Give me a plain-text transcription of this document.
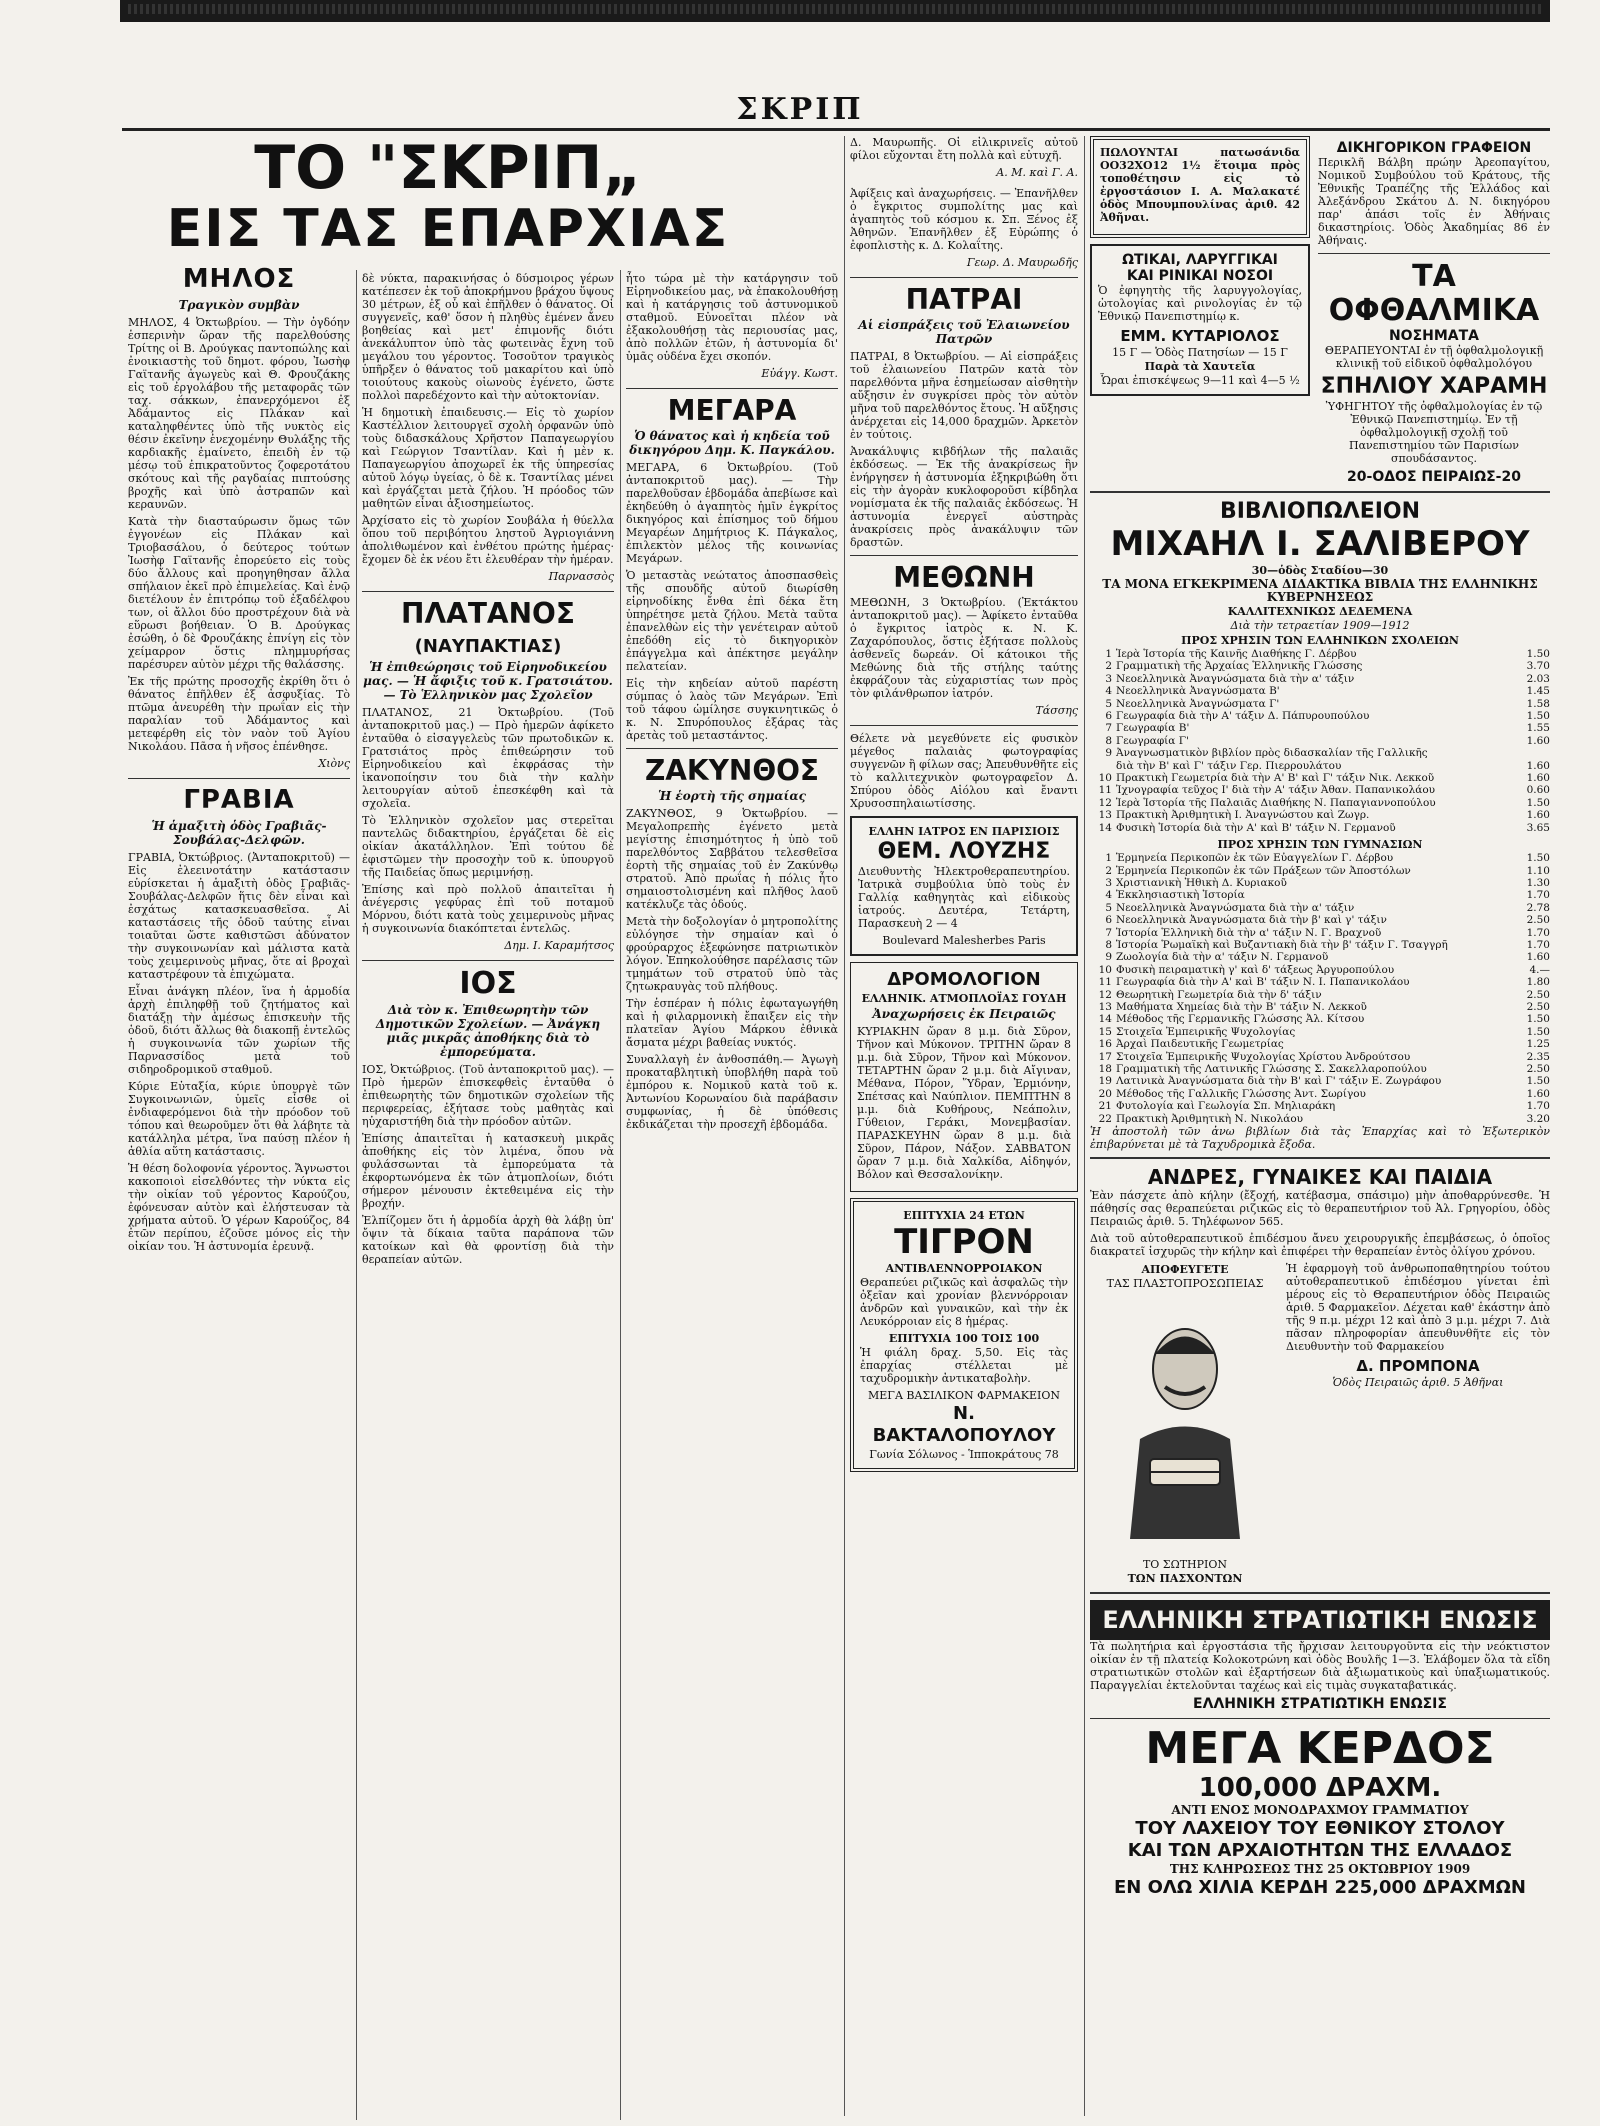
ΣΚΡΙΠ
ΤΟ "ΣΚΡΙΠ„
ΕΙΣ ΤΑΣ ΕΠΑΡΧΙΑΣ
ΜΗΛΟΣ
Τραγικὸν συμβὰν

ΜΗΛΟΣ, 4 Ὀκτωβρίου. — Τὴν ὀγδόην ἑσπερινὴν ὥραν τῆς παρελθούσης Τρίτης οἱ Β. Δρούγκας παντοπώλης καὶ ἐνοικιαστὴς τοῦ δημοτ. φόρου, Ἰωσὴφ Γαϊτανῆς ἀγωγεὺς καὶ Θ. Φρουζάκης εἰς τοῦ ἐργολάβου τῆς μεταφορᾶς τῶν ταχ. σάκκων, ἐπανερχόμενοι ἐξ Ἀδάμαντος εἰς Πλάκαν καὶ καταληφθέντες ὑπὸ τῆς νυκτὸς εἰς θέσιν ἐκεῖνην ἐνεχομένην Θυλάξης τῆς καρδιακῆς ἐμαίνετο, ἐπειδὴ ἐν τῷ μέσῳ τοῦ ἐπικρατοῦντος ζοφεροτάτου σκότους καὶ τῆς ραγδαίας πιπτούσης βροχῆς καὶ ὑπὸ ἀστραπῶν καὶ κεραυνῶν.

Κατὰ τὴν διασταύρωσιν ὅμως τῶν ἐγγονέων εἰς Πλάκαν καὶ Τριοβασάλου, ὁ δεύτερος τούτων Ἰωσὴφ Γαϊτανῆς ἐπορεύετο εἰς τοὺς δύο ἄλλους καὶ προηγηθησαν ἄλλα σπήλαιον ἐκεῖ πρὸ ἐπιμελείας. Καὶ ἐνῷ διετέλουν ἐν ἐπιτρόπῳ τοῦ ἐξαδέλφου των, οἱ ἄλλοι δύο προστρέχουν διὰ νὰ εὕρωσι βοήθειαν. Ὁ Β. Δρούγκας ἐσώθη, ὁ δὲ Φρουζάκης ἐπνίγη εἰς τὸν χείμαρρον ὅστις πλημμυρήσας παρέσυρεν αὐτὸν μέχρι τῆς θαλάσσης.

Ἐκ τῆς πρώτης προσοχῆς ἐκρίθη ὅτι ὁ θάνατος ἐπῆλθεν ἐξ ἀσφυξίας. Τὸ πτῶμα ἀνευρέθη τὴν πρωΐαν εἰς τὴν παραλίαν τοῦ Ἀδάμαντος καὶ μετεφέρθη εἰς τὸν ναὸν τοῦ Ἁγίου Νικολάου. Πᾶσα ἡ νῆσος ἐπένθησε.

Χιὸνς

ΓΡΑΒΙΑ
Ἡ ἁμαξιτὴ ὁδὸς Γραβιᾶς-Σουβάλας-Δελφῶν.

ΓΡΑΒΙΑ, Ὀκτώβριος. (Ἀνταποκριτοῦ) —Εἰς ἐλεεινοτάτην κατάστασιν εὑρίσκεται ἡ ἁμαξιτὴ ὁδὸς Γραβιᾶς-Σουβάλας-Δελφῶν ἥτις δὲν εἶναι καὶ ἐσχάτως κατασκευασθεῖσα. Αἱ καταστάσεις τῆς ὁδοῦ ταύτης εἶναι τοιαῦται ὥστε καθιστῶσι ἀδύνατον τὴν συγκοινωνίαν καὶ μάλιστα κατὰ τοὺς χειμερινοὺς μῆνας, ὅτε αἱ βροχαὶ καταστρέφουν τὰ ἐπιχώματα.

Εἶναι ἀνάγκη πλέον, ἵνα ἡ ἀρμοδία ἀρχὴ ἐπιληφθῇ τοῦ ζητήματος καὶ διατάξῃ τὴν ἀμέσως ἐπισκευὴν τῆς ὁδοῦ, διότι ἄλλως θὰ διακοπῇ ἐντελῶς ἡ συγκοινωνία τῶν χωρίων τῆς Παρνασσίδος μετὰ τοῦ σιδηροδρομικοῦ σταθμοῦ.

Κύριε Εὐταξία, κύριε ὑπουργὲ τῶν Συγκοινωνιῶν, ὑμεῖς εἶσθε οἱ ἐνδιαφερόμενοι διὰ τὴν πρόοδον τοῦ τόπου καὶ θεωροῦμεν ὅτι θὰ λάβητε τὰ κατάλληλα μέτρα, ἵνα παύσῃ πλέον ἡ ἀθλία αὕτη κατάστασις.

Ἡ θέση δολοφονία γέροντος. Ἄγνωστοι κακοποιοὶ εἰσελθόντες τὴν νύκτα εἰς τὴν οἰκίαν τοῦ γέροντος Καρούζου, ἐφόνευσαν αὐτὸν καὶ ἐλήστευσαν τὰ χρήματα αὐτοῦ. Ὁ γέρων Καρούζος, 84 ἐτῶν περίπου, ἐζοῦσε μόνος εἰς τὴν οἰκίαν του. Ἡ ἀστυνομία ἐρευνᾷ.

δὲ νύκτα, παρακινήσας ὁ δύσμοιρος γέρων κατέπεσεν ἐκ τοῦ ἀποκρήμνου βράχου ὕψους 30 μέτρων, ἐξ οὗ καὶ ἐπῆλθεν ὁ θάνατος. Οἱ συγγενεῖς, καθ' ὅσον ἡ πληθὺς ἐμένεν ἄνευ βοηθείας καὶ μετ' ἐπιμονῆς διότι ἀνεκάλυπτον ὑπὸ τὰς φωτεινὰς ἔχνη τοῦ μεγάλου του γέροντος. Τοσοῦτον τραγικὸς ὑπῆρξεν ὁ θάνατος τοῦ μακαρίτου καὶ ὑπὸ τοιούτους κακοὺς οἰωνοὺς ἐγένετο, ὥστε πολλοὶ παρεδέχοντο καὶ τὴν αὐτοκτονίαν.

Ἡ δημοτικὴ ἐπαιδευσις.— Εἰς τὸ χωρίον Καστέλλιον λειτουργεῖ σχολὴ ὁρφανῶν ὑπὸ τοὺς διδασκάλους Χρῆστον Παπαγεωργίου καὶ Γεώργιον Τσαντίλαν. Καὶ ἡ μὲν κ. Παπαγεωργίου ἀποχωρεῖ ἐκ τῆς ὑπηρεσίας αὐτοῦ λόγῳ ὑγείας, ὁ δὲ κ. Τσαντίλας μένει καὶ ἐργάζεται μετὰ ζήλου. Ἡ πρόοδος τῶν μαθητῶν εἶναι ἀξιοσημείωτος.

Ἀρχίσατο εἰς τὸ χωρίον Σουβάλα ἡ θύελλα ὅπου τοῦ περιβόητου ληστοῦ Ἀγριογιάννη ἀπολιθωμένον καὶ ἐνθέτου πρώτης ἡμέρας· ἔχομεν δὲ ἐκ νέου ἔτι ἐλευθέραν τὴν ἡμέραν.

Παρνασσὸς

ΠΛΑΤΑΝΟΣ
(ΝΑΥΠΑΚΤΙΑΣ)
Ἡ ἐπιθεώρησις τοῦ Εἰρηνοδικείου μας. — Ἡ ἄφιξις τοῦ κ. Γρατσιάτου. — Τὸ Ἑλληνικὸν μας Σχολεῖον

ΠΛΑΤΑΝΟΣ, 21 Ὀκτωβρίου. (Τοῦ ἀνταποκριτοῦ μας.) — Πρὸ ἡμερῶν ἀφίκετο ἐνταῦθα ὁ εἰσαγγελεὺς τῶν πρωτοδικῶν κ. Γρατσιάτος πρὸς ἐπιθεώρησιν τοῦ Εἰρηνοδικείου καὶ ἐκφράσας τὴν ἱκανοποίησιν του διὰ τὴν καλὴν λειτουργίαν αὐτοῦ ἐπεσκέφθη καὶ τὰ σχολεῖα.

Τὸ Ἑλληνικὸν σχολεῖον μας στερεῖται παντελῶς διδακτηρίου, ἐργάζεται δὲ εἰς οἰκίαν ἀκατάλληλον. Ἐπὶ τούτου δὲ ἐφιστῶμεν τὴν προσοχὴν τοῦ κ. ὑπουργοῦ τῆς Παιδείας ὅπως μεριμνήσῃ.

Ἐπίσης καὶ πρὸ πολλοῦ ἀπαιτεῖται ἡ ἀνέγερσις γεφύρας ἐπὶ τοῦ ποταμοῦ Μόρνου, διότι κατὰ τοὺς χειμερινοὺς μῆνας ἡ συγκοινωνία διακόπτεται ἐντελῶς.

Δημ. Ι. Καραμήτσος

ΙΟΣ
Διὰ τὸν κ. Ἐπιθεωρητὴν τῶν Δημοτικῶν Σχολείων. — Ἀνάγκη μιᾶς μικρᾶς ἀποθήκης διὰ τὸ ἐμπορεύματα.

ΙΟΣ, Ὀκτώβριος. (Τοῦ ἀνταποκριτοῦ μας). — Πρὸ ἡμερῶν ἐπισκεφθεὶς ἐνταῦθα ὁ ἐπιθεωρητὴς τῶν δημοτικῶν σχολείων τῆς περιφερείας, ἐξήτασε τοὺς μαθητὰς καὶ ηὐχαριστήθη διὰ τὴν πρόοδον αὐτῶν.

Ἐπίσης ἀπαιτεῖται ἡ κατασκευὴ μικρᾶς ἀποθήκης εἰς τὸν λιμένα, ὅπου νὰ φυλάσσωνται τὰ ἐμπορεύματα τὰ ἐκφορτωνόμενα ἐκ τῶν ἀτμοπλοίων, διότι σήμερον μένουσιν ἐκτεθειμένα εἰς τὴν βροχήν.

Ἐλπίζομεν ὅτι ἡ ἀρμοδία ἀρχὴ θὰ λάβῃ ὑπ' ὄψιν τὰ δίκαια ταῦτα παράπονα τῶν κατοίκων καὶ θὰ φροντίσῃ διὰ τὴν θεραπείαν αὐτῶν.

ἦτο τώρα μὲ τὴν κατάργησιν τοῦ Εἰρηνοδικείου μας, νὰ ἐπακολουθήσῃ καὶ ἡ κατάργησις τοῦ ἀστυνομικοῦ σταθμοῦ. Εὐνοεῖται πλέον νὰ ἐξακολουθήσῃ τὰς περιουσίας μας, ἀπὸ πολλῶν ἐτῶν, ἡ ἀστυνομία δι' ὑμᾶς οὐδένα ἔχει σκοπόν.

Εὐάγγ. Κωστ.

ΜΕΓΑΡΑ
Ὁ θάνατος καὶ ἡ κηδεία τοῦ δικηγόρου Δημ. Κ. Παγκάλου.

ΜΕΓΑΡΑ, 6 Ὀκτωβρίου. (Τοῦ ἀνταποκριτοῦ μας). — Τὴν παρελθοῦσαν ἑβδομάδα ἀπεβίωσε καὶ ἐκηδεύθη ὁ ἀγαπητὸς ἡμῖν ἐγκρίτος δικηγόρος καὶ ἐπίσημος τοῦ δήμου Μεγαρέων Δημήτριος Κ. Πάγκαλος, ἐπιλεκτὸν μέλος τῆς κοινωνίας Μεγάρων.

Ὁ μεταστὰς νεώτατος ἀποσπασθεὶς τῆς σπουδῆς αὐτοῦ διωρίσθη εἰρηνοδίκης ἔνθα ἐπὶ δέκα ἔτη ὑπηρέτησε μετὰ ζήλου. Μετὰ ταῦτα ἐπανελθὼν εἰς τὴν γενέτειραν αὐτοῦ ἐπεδόθη εἰς τὸ δικηγορικὸν ἐπάγγελμα καὶ ἀπέκτησε μεγάλην πελατείαν.

Εἰς τὴν κηδείαν αὐτοῦ παρέστη σύμπας ὁ λαὸς τῶν Μεγάρων. Ἐπὶ τοῦ τάφου ὡμίλησε συγκινητικῶς ὁ κ. Ν. Σπυρόπουλος ἐξάρας τὰς ἀρετὰς τοῦ μεταστάντος.

ΖΑΚΥΝΘΟΣ
Ἡ ἑορτὴ τῆς σημαίας

ΖΑΚΥΝΘΟΣ, 9 Ὀκτωβρίου. — Μεγαλοπρεπὴς ἐγένετο μετὰ μεγίστης ἐπισημότητος ἡ ὑπὸ τοῦ παρελθόντος Σαββάτου τελεσθεῖσα ἑορτὴ τῆς σημαίας τοῦ ἐν Ζακύνθῳ στρατοῦ. Ἀπὸ πρωΐας ἡ πόλις ἦτο σημαιοστολισμένη καὶ πλῆθος λαοῦ κατέκλυζε τὰς ὁδούς.

Μετὰ τὴν δοξολογίαν ὁ μητροπολίτης εὐλόγησε τὴν σημαίαν καὶ ὁ φρούραρχος ἐξεφώνησε πατριωτικὸν λόγον. Ἐπηκολούθησε παρέλασις τῶν τμημάτων τοῦ στρατοῦ ὑπὸ τὰς ζητωκραυγὰς τοῦ πλήθους.

Τὴν ἑσπέραν ἡ πόλις ἐφωταγωγήθη καὶ ἡ φιλαρμονικὴ ἔπαιξεν εἰς τὴν πλατεῖαν Ἁγίου Μάρκου ἐθνικὰ ἄσματα μέχρι βαθείας νυκτός.

Συναλλαγὴ ἐν ἀνθοσπάθη.— Ἀγωγὴ προκαταβλητικὴ ὑποβλήθη παρὰ τοῦ ἐμπόρου κ. Νομικοῦ κατὰ τοῦ κ. Ἀντωνίου Κορωναίου διὰ παράβασιν συμφωνίας, ἡ δὲ ὑπόθεσις ἐκδικάζεται τὴν προσεχῆ ἑβδομάδα.

Δ. Μαυρωπῆς. Οἱ εἰλικρινεῖς αὐτοῦ φίλοι εὔχονται ἔτη πολλὰ καὶ εὐτυχῆ.

Α. Μ. καὶ Γ. Α.

Ἀφίξεις καὶ ἀναχωρήσεις. — Ἐπανῆλθεν ὁ ἔγκριτος συμπολίτης μας καὶ ἀγαπητὸς τοῦ κόσμου κ. Σπ. Ξένος ἐξ Ἀθηνῶν. Ἐπανῆλθεν ἐξ Εὐρώπης ὁ ἐφοπλιστὴς κ. Δ. Κολαΐτης.

Γεωρ. Δ. Μαυρωδῆς

ΠΑΤΡΑΙ
Αἱ εἰσπράξεις τοῦ Ἐλαιωνείου Πατρῶν

ΠΑΤΡΑΙ, 8 Ὀκτωβρίου. — Αἱ εἰσπράξεις τοῦ ἐλαιωνείου Πατρῶν κατὰ τὸν παρελθόντα μῆνα ἐσημείωσαν αἰσθητὴν αὔξησιν ἐν συγκρίσει πρὸς τὸν αὐτὸν μῆνα τοῦ παρελθόντος ἔτους. Ἡ αὔξησις ἀνέρχεται εἰς 14,000 δραχμῶν. Ἀρκετὸν ἐν τούτοις.

Ἀνακάλυψις κιβδήλων τῆς παλαιᾶς ἐκδόσεως. — Ἐκ τῆς ἀνακρίσεως ἣν ἐνήργησεν ἡ ἀστυνομία ἐξηκριβώθη ὅτι εἰς τὴν ἀγορὰν κυκλοφοροῦσι κίβδηλα νομίσματα ἐκ τῆς παλαιᾶς ἐκδόσεως. Ἡ ἀστυνομία ἐνεργεῖ αὐστηρὰς ἀνακρίσεις πρὸς ἀνακάλυψιν τῶν δραστῶν.

ΜΕΘΩΝΗ

ΜΕΘΩΝΗ, 3 Ὀκτωβρίου. (Ἐκτάκτου ἀνταποκριτοῦ μας). — Ἀφίκετο ἐνταῦθα ὁ ἔγκριτος ἰατρὸς κ. Ν. Κ. Ζαχαρόπουλος, ὅστις ἐξήτασε πολλοὺς ἀσθενεῖς δωρεάν. Οἱ κάτοικοι τῆς Μεθώνης διὰ τῆς στήλης ταύτης ἐκφράζουν τὰς εὐχαριστίας των πρὸς τὸν φιλάνθρωπον ἰατρόν.

Τάσσης

Θέλετε νὰ μεγεθύνετε εἰς φυσικὸν μέγεθος παλαιὰς φωτογραφίας συγγενῶν ἢ φίλων σας; Ἀπευθυνθῆτε εἰς τὸ καλλιτεχνικὸν φωτογραφεῖον Δ. Σπύρου ὁδὸς Αἰόλου καὶ ἔναντι Χρυσοσπηλαιωτίσσης.

ΕΛΛΗΝ ΙΑΤΡΟΣ ΕΝ ΠΑΡΙΣΙΟΙΣ
ΘΕΜ. ΛΟΥΖΗΣ

Διευθυντὴς Ἠλεκτροθεραπευτηρίου. Ἰατρικὰ συμβούλια ὑπὸ τοὺς ἐν Γαλλίᾳ καθηγητὰς καὶ εἰδικοὺς ἰατρούς. Δευτέρα, Τετάρτη, Παρασκευὴ 2 — 4

Boulevard Malesherbes Paris
ΔΡΟΜΟΛΟΓΙΟΝ
ΕΛΛΗΝΙΚ. ΑΤΜΟΠΛΟΪΑΣ ΓΟΥΔΗ
Ἀναχωρήσεις ἐκ Πειραιῶς

ΚΥΡΙΑΚΗΝ ὥραν 8 μ.μ. διὰ Σῦρον, Τῆνον καὶ Μύκονον. ΤΡΙΤΗΝ ὥραν 8 μ.μ. διὰ Σῦρον, Τῆνον καὶ Μύκονον. ΤΕΤΑΡΤΗΝ ὥραν 2 μ.μ. διὰ Αἴγιναν, Μέθανα, Πόρον, Ὕδραν, Ἑρμιόνην, Σπέτσας καὶ Ναύπλιον. ΠΕΜΠΤΗΝ 8 μ.μ. διὰ Κυθήρους, Νεάπολιν, Γύθειον, Γεράκι, Μονεμβασίαν. ΠΑΡΑΣΚΕΥΗΝ ὥραν 8 μ.μ. διὰ Σῦρον, Πάρον, Νάξον. ΣΑΒΒΑΤΟΝ ὥραν 7 μ.μ. διὰ Χαλκίδα, Αἰδηψόν, Βόλον καὶ Θεσσαλονίκην.

ΕΠΙΤΥΧΙΑ 24 ΕΤΩΝ
ΤΙΓΡΟΝ
ΑΝΤΙΒΛΕΝΝΟΡΡΟΙΑΚΟΝ

Θεραπεύει ριζικῶς καὶ ἀσφαλῶς τὴν ὀξεῖαν καὶ χρονίαν βλεννόρροιαν ἀνδρῶν καὶ γυναικῶν, καὶ τὴν ἐκ Λευκόρροιαν εἰς 8 ἡμέρας.

ΕΠΙΤΥΧΙΑ 100 ΤΟΙΣ 100

Ἡ φιάλη δραχ. 5,50. Εἰς τὰς ἐπαρχίας στέλλεται μὲ ταχυδρομικὴν ἀντικαταβολὴν.

ΜΕΓΑ ΒΑΣΙΛΙΚΟΝ ΦΑΡΜΑΚΕΙΟΝ
Ν. ΒΑΚΤΑΛΟΠΟΥΛΟΥ
Γωνία Σόλωνος - Ἱπποκράτους 78

ΠΩΛΟΥΝΤΑΙ πατωσάνιδα ΟΟ32ΧΟ12 1½ ἕτοιμα πρὸς τοποθέτησιν εἰς τὸ ἐργοστάσιον Ι. Α. Μαλακατέ ὁδὸς Μπουμπουλίνας ἀριθ. 42 Ἀθῆναι.

ΩΤΙΚΑΙ, ΛΑΡΥΓΓΙΚΑΙ
ΚΑΙ ΡΙΝΙΚΑΙ ΝΟΣΟΙ

Ὁ ἐφηγητὴς τῆς λαρυγγολογίας, ὠτολογίας καὶ ρινολογίας ἐν τῷ Ἐθνικῷ Πανεπιστημίῳ κ.

ΕΜΜ. ΚΥΤΑΡΙΟΛΟΣ
15 Γ — Ὁδὸς Πατησίων — 15 Γ
Παρὰ τὰ Χαυτεῖα
Ὧραι ἐπισκέψεως 9—11 καὶ 4—5 ½
ΔΙΚΗΓΟΡΙΚΟΝ ΓΡΑΦΕΙΟΝ

Περικλῆ Βάλβη πρώην Ἀρεοπαγίτου, Νομικοῦ Συμβούλου τοῦ Κράτους, τῆς Ἐθνικῆς Τραπέζης τῆς Ἑλλάδος καὶ Ἀλεξάνδρου Σκάτου Δ. Ν. δικηγόρου παρ' ἁπάσι τοῖς ἐν Ἀθήναις δικαστηρίοις. Ὁδὸς Ἀκαδημίας 86 ἐν Ἀθήναις.

ΤΑ ΟΦΘΑΛΜΙΚΑ
ΝΟΣΗΜΑΤΑ

ΘΕΡΑΠΕΥΟΝΤΑΙ ἐν τῇ ὀφθαλμολογικῇ κλινικῇ τοῦ εἰδικοῦ ὀφθαλμολόγου

ΣΠΗΛΙΟΥ ΧΑΡΑΜΗ

ὙΦΗΓΗΤΟΥ τῆς ὀφθαλμολογίας ἐν τῷ Ἐθνικῷ Πανεπιστημίῳ. Ἐν τῇ ὀφθαλμολογικῇ σχολῇ τοῦ Πανεπιστημίου τῶν Παρισίων σπουδάσαντος.

20-ΟΔΟΣ ΠΕΙΡΑΙΩΣ-20
ΒΙΒΛΙΟΠΩΛΕΙΟΝ
ΜΙΧΑΗΛ Ι. ΣΑΛΙΒΕΡΟΥ
30—ὁδὸς Σταδίου—30
ΤΑ ΜΟΝΑ ΕΓΚΕΚΡΙΜΕΝΑ ΔΙΔΑΚΤΙΚΑ ΒΙΒΛΙΑ ΤΗΣ ΕΛΛΗΝΙΚΗΣ ΚΥΒΕΡΝΗΣΕΩΣ
ΚΑΛΛΙΤΕΧΝΙΚΩΣ ΔΕΔΕΜΕΝΑ
Διὰ τὴν τετραετίαν 1909—1912
ΠΡΟΣ ΧΡΗΣΙΝ ΤΩΝ ΕΛΛΗΝΙΚΩΝ ΣΧΟΛΕΙΩΝ
1 Ἱερὰ Ἱστορία τῆς Καινῆς Διαθήκης Γ. Δέρβου	1.50
2 Γραμματικὴ τῆς Ἀρχαίας Ἑλληνικῆς Γλώσσης	3.70
3 Νεοελληνικὰ Ἀναγνώσματα διὰ τὴν α' τάξιν	2.03
4 Νεοελληνικὰ Ἀναγνώσματα Β'	1.45
5 Νεοελληνικὰ Ἀναγνώσματα Γ'	1.58
6 Γεωγραφία διὰ τὴν Α' τάξιν Δ. Πάπυρουπούλου	1.50
7 Γεωγραφία Β'	1.55
8 Γεωγραφία Γ'	1.60
9 Ἀναγνωσματικὸν βιβλίον πρὸς διδασκαλίαν τῆς Γαλλικῆς
διὰ τὴν Β' καὶ Γ' τάξιν Γερ. Πιερρουλάτου	1.60
10 Πρακτικὴ Γεωμετρία διὰ τὴν Α' Β' καὶ Γ' τάξιν Νικ. Λεκκοῦ	1.60
11 Ἰχνογραφία τεῦχος Ι' διὰ τὴν Α' τάξιν Ἀθαν. Παπανικολάου	0.60
12 Ἱερὰ Ἱστορία τῆς Παλαιᾶς Διαθήκης Ν. Παπαγιαννοπούλου	1.50
13 Πρακτικὴ Ἀριθμητικὴ Ι. Ἀναγνώστου καὶ Ζωγρ.	1.60
14 Φυσικὴ Ἱστορία διὰ τὴν Α' καὶ Β' τάξιν Ν. Γερμανοῦ	3.65
ΠΡΟΣ ΧΡΗΣΙΝ ΤΩΝ ΓΥΜΝΑΣΙΩΝ
1 Ἑρμηνεία Περικοπῶν ἐκ τῶν Εὐαγγελίων Γ. Δέρβου	1.50
2 Ἑρμηνεία Περικοπῶν ἐκ τῶν Πράξεων τῶν Ἀποστόλων	1.10
3 Χριστιανικὴ Ἠθικὴ Δ. Κυριακοῦ	1.30
4 Ἐκκλησιαστικὴ Ἱστορία	1.70
5 Νεοελληνικὰ Ἀναγνώσματα διὰ τὴν α' τάξιν	2.78
6 Νεοελληνικὰ Ἀναγνώσματα διὰ τὴν β' καὶ γ' τάξιν	2.50
7 Ἱστορία Ἑλληνικὴ διὰ τὴν α' τάξιν Ν. Γ. Βραχνοῦ	1.70
8 Ἱστορία Ῥωμαϊκὴ καὶ Βυζαντιακὴ διὰ τὴν β' τάξιν Γ. Τσαγγρῆ	1.70
9 Ζωολογία διὰ τὴν α' τάξιν Ν. Γερμανοῦ	1.60
10 Φυσικὴ πειραματικὴ γ' καὶ δ' τάξεως Ἀργυροπούλου	4.—
11 Γεωγραφία διὰ τὴν Α' καὶ Β' τάξιν Ν. Ι. Παπανικολάου	1.80
12 Θεωρητικὴ Γεωμετρία διὰ τὴν δ' τάξιν	2.50
13 Μαθήματα Χημείας διὰ τὴν Β' τάξιν Ν. Λεκκοῦ	2.50
14 Μέθοδος τῆς Γερμανικῆς Γλώσσης Ἀλ. Κίτσου	1.50
15 Στοιχεῖα Ἐμπειρικῆς Ψυχολογίας	1.50
16 Ἀρχαὶ Παιδευτικῆς Γεωμετρίας	1.25
17 Στοιχεῖα Ἐμπειρικῆς Ψυχολογίας Χρίστου Ἀνδρούτσου	2.35
18 Γραμματικὴ τῆς Λατινικῆς Γλώσσης Σ. Σακελλαροπούλου	2.50
19 Λατινικὰ Ἀναγνώσματα διὰ τὴν Β' καὶ Γ' τάξιν Ε. Ζωγράφου	1.50
20 Μέθοδος τῆς Γαλλικῆς Γλώσσης Ἀντ. Σωρίγου	1.60
21 Φυτολογία καὶ Γεωλογία Σπ. Μηλιαράκη	1.70
22 Πρακτικὴ Ἀριθμητικὴ Ν. Νικολάου	3.20

Ἡ ἀποστολὴ τῶν ἀνω βιβλίων διὰ τὰς Ἐπαρχίας καὶ τὸ Ἐξωτερικὸν ἐπιβαρύνεται μὲ τὰ Ταχυδρομικὰ ἔξοδα.

ΑΝΔΡΕΣ, ΓΥΝΑΙΚΕΣ ΚΑΙ ΠΑΙΔΙΑ

Ἐὰν πάσχετε ἀπὸ κήλην (ἔξοχή, κατέβασμα, σπάσιμο) μὴν ἀποθαρρύνεσθε. Ἡ πάθησίς σας θεραπεύεται ριζικῶς εἰς τὸ θεραπευτήριον τοῦ Ἀλ. Γρηγορίου, ὁδὸς Πειραιῶς ἀριθ. 5. Τηλέφωνον 565.

Διὰ τοῦ αὐτοθεραπευτικοῦ ἐπιδέσμου ἄνευ χειρουργικῆς ἐπεμβάσεως, ὁ ὁποῖος διακρατεῖ ἰσχυρῶς τὴν κήλην καὶ ἐπιφέρει τὴν θεραπείαν ἐντὸς ὀλίγου χρόνου.

ΑΠΟΦΕΥΓΕΤΕ
ΤΑΣ ΠΛΑΣΤΟΠΡΟΣΩΠΕΙΑΣ
ΤΟ ΣΩΤΗΡΙΟΝ
ΤΩΝ ΠΑΣΧΟΝΤΩΝ

Ἡ ἐφαρμογὴ τοῦ ἀνθρωποπαθητηρίου τούτου αὐτοθεραπευτικοῦ ἐπιδέσμου γίνεται ἐπὶ μέρους εἰς τὸ Θεραπευτήριον ὁδὸς Πειραιῶς ἀριθ. 5 Φαρμακεῖον. Δέχεται καθ' ἑκάστην ἀπὸ τῆς 9 π.μ. μέχρι 12 καὶ ἀπὸ 3 μ.μ. μέχρι 7. Διὰ πᾶσαν πληροφορίαν ἀπευθυνθῆτε εἰς τὸν Διευθυντὴν τοῦ Φαρμακείου

Δ. ΠΡΟΜΠΟΝΑ
Ὁδὸς Πειραιῶς ἀριθ. 5 Ἀθῆναι
ΕΛΛΗΝΙΚΗ ΣΤΡΑΤΙΩΤΙΚΗ ΕΝΩΣΙΣ

Τὰ πωλητήρια καὶ ἐργοστάσια τῆς ἤρχισαν λειτουργοῦντα εἰς τὴν νεόκτιστον οἰκίαν ἐν τῇ πλατείᾳ Κολοκοτρώνη καὶ ὁδὸς Βουλῆς 1—3. Ἐλάβομεν ὅλα τὰ εἴδη στρατιωτικῶν στολῶν καὶ ἐξαρτήσεων διὰ ἀξιωματικοὺς καὶ ὑπαξιωματικούς. Παραγγελίαι ἐκτελοῦνται ταχέως καὶ εἰς τιμὰς συγκαταβατικάς.

ΕΛΛΗΝΙΚΗ ΣΤΡΑΤΙΩΤΙΚΗ ΕΝΩΣΙΣ
ΜΕΓΑ ΚΕΡΔΟΣ
100,000 ΔΡΑΧΜ.
ΑΝΤΙ ΕΝΟΣ ΜΟΝΟΔΡΑΧΜΟΥ ΓΡΑΜΜΑΤΙΟΥ
ΤΟΥ ΛΑΧΕΙΟΥ ΤΟΥ ΕΘΝΙΚΟΥ ΣΤΟΛΟΥ
ΚΑΙ ΤΩΝ ΑΡΧΑΙΟΤΗΤΩΝ ΤΗΣ ΕΛΛΑΔΟΣ
ΤΗΣ ΚΛΗΡΩΣΕΩΣ ΤΗΣ 25 ΟΚΤΩΒΡΙΟΥ 1909
ΕΝ ΟΛΩ ΧΙΛΙΑ ΚΕΡΔΗ 225,000 ΔΡΑΧΜΩΝ
